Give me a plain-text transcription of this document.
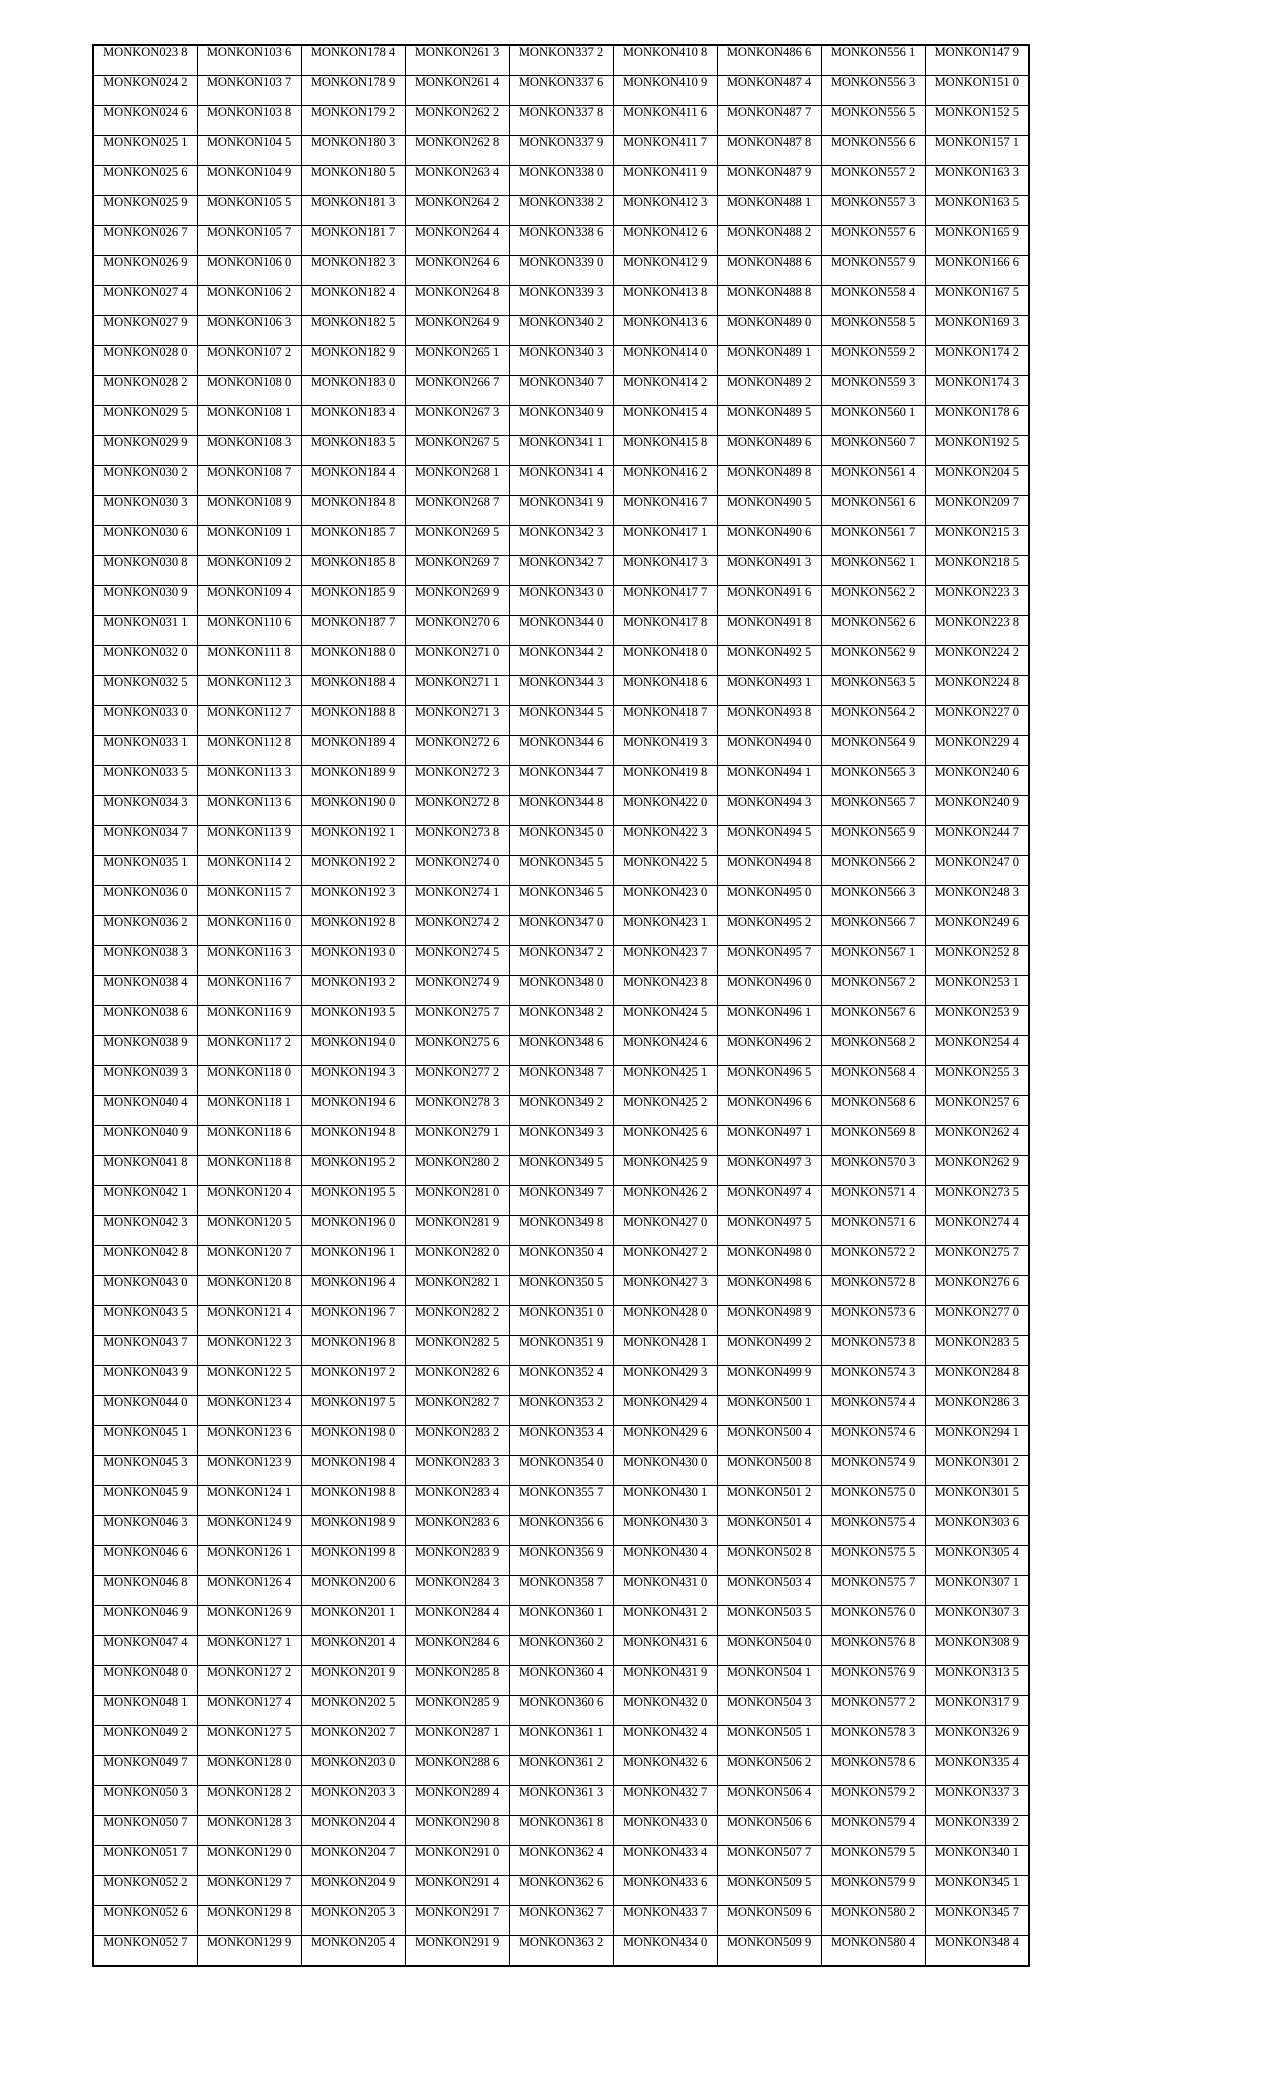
MONKON023 8	MONKON103 6	MONKON178 4	MONKON261 3	MONKON337 2	MONKON410 8	MONKON486 6	MONKON556 1	MONKON147 9

MONKON024 2	MONKON103 7	MONKON178 9	MONKON261 4	MONKON337 6	MONKON410 9	MONKON487 4	MONKON556 3	MONKON151 0

MONKON024 6	MONKON103 8	MONKON179 2	MONKON262 2	MONKON337 8	MONKON411 6	MONKON487 7	MONKON556 5	MONKON152 5

MONKON025 1	MONKON104 5	MONKON180 3	MONKON262 8	MONKON337 9	MONKON411 7	MONKON487 8	MONKON556 6	MONKON157 1

MONKON025 6	MONKON104 9	MONKON180 5	MONKON263 4	MONKON338 0	MONKON411 9	MONKON487 9	MONKON557 2	MONKON163 3

MONKON025 9	MONKON105 5	MONKON181 3	MONKON264 2	MONKON338 2	MONKON412 3	MONKON488 1	MONKON557 3	MONKON163 5

MONKON026 7	MONKON105 7	MONKON181 7	MONKON264 4	MONKON338 6	MONKON412 6	MONKON488 2	MONKON557 6	MONKON165 9

MONKON026 9	MONKON106 0	MONKON182 3	MONKON264 6	MONKON339 0	MONKON412 9	MONKON488 6	MONKON557 9	MONKON166 6

MONKON027 4	MONKON106 2	MONKON182 4	MONKON264 8	MONKON339 3	MONKON413 8	MONKON488 8	MONKON558 4	MONKON167 5

MONKON027 9	MONKON106 3	MONKON182 5	MONKON264 9	MONKON340 2	MONKON413 6	MONKON489 0	MONKON558 5	MONKON169 3

MONKON028 0	MONKON107 2	MONKON182 9	MONKON265 1	MONKON340 3	MONKON414 0	MONKON489 1	MONKON559 2	MONKON174 2

MONKON028 2	MONKON108 0	MONKON183 0	MONKON266 7	MONKON340 7	MONKON414 2	MONKON489 2	MONKON559 3	MONKON174 3

MONKON029 5	MONKON108 1	MONKON183 4	MONKON267 3	MONKON340 9	MONKON415 4	MONKON489 5	MONKON560 1	MONKON178 6

MONKON029 9	MONKON108 3	MONKON183 5	MONKON267 5	MONKON341 1	MONKON415 8	MONKON489 6	MONKON560 7	MONKON192 5

MONKON030 2	MONKON108 7	MONKON184 4	MONKON268 1	MONKON341 4	MONKON416 2	MONKON489 8	MONKON561 4	MONKON204 5

MONKON030 3	MONKON108 9	MONKON184 8	MONKON268 7	MONKON341 9	MONKON416 7	MONKON490 5	MONKON561 6	MONKON209 7

MONKON030 6	MONKON109 1	MONKON185 7	MONKON269 5	MONKON342 3	MONKON417 1	MONKON490 6	MONKON561 7	MONKON215 3

MONKON030 8	MONKON109 2	MONKON185 8	MONKON269 7	MONKON342 7	MONKON417 3	MONKON491 3	MONKON562 1	MONKON218 5

MONKON030 9	MONKON109 4	MONKON185 9	MONKON269 9	MONKON343 0	MONKON417 7	MONKON491 6	MONKON562 2	MONKON223 3

MONKON031 1	MONKON110 6	MONKON187 7	MONKON270 6	MONKON344 0	MONKON417 8	MONKON491 8	MONKON562 6	MONKON223 8

MONKON032 0	MONKON111 8	MONKON188 0	MONKON271 0	MONKON344 2	MONKON418 0	MONKON492 5	MONKON562 9	MONKON224 2

MONKON032 5	MONKON112 3	MONKON188 4	MONKON271 1	MONKON344 3	MONKON418 6	MONKON493 1	MONKON563 5	MONKON224 8

MONKON033 0	MONKON112 7	MONKON188 8	MONKON271 3	MONKON344 5	MONKON418 7	MONKON493 8	MONKON564 2	MONKON227 0

MONKON033 1	MONKON112 8	MONKON189 4	MONKON272 6	MONKON344 6	MONKON419 3	MONKON494 0	MONKON564 9	MONKON229 4

MONKON033 5	MONKON113 3	MONKON189 9	MONKON272 3	MONKON344 7	MONKON419 8	MONKON494 1	MONKON565 3	MONKON240 6

MONKON034 3	MONKON113 6	MONKON190 0	MONKON272 8	MONKON344 8	MONKON422 0	MONKON494 3	MONKON565 7	MONKON240 9

MONKON034 7	MONKON113 9	MONKON192 1	MONKON273 8	MONKON345 0	MONKON422 3	MONKON494 5	MONKON565 9	MONKON244 7

MONKON035 1	MONKON114 2	MONKON192 2	MONKON274 0	MONKON345 5	MONKON422 5	MONKON494 8	MONKON566 2	MONKON247 0

MONKON036 0	MONKON115 7	MONKON192 3	MONKON274 1	MONKON346 5	MONKON423 0	MONKON495 0	MONKON566 3	MONKON248 3

MONKON036 2	MONKON116 0	MONKON192 8	MONKON274 2	MONKON347 0	MONKON423 1	MONKON495 2	MONKON566 7	MONKON249 6

MONKON038 3	MONKON116 3	MONKON193 0	MONKON274 5	MONKON347 2	MONKON423 7	MONKON495 7	MONKON567 1	MONKON252 8

MONKON038 4	MONKON116 7	MONKON193 2	MONKON274 9	MONKON348 0	MONKON423 8	MONKON496 0	MONKON567 2	MONKON253 1

MONKON038 6	MONKON116 9	MONKON193 5	MONKON275 7	MONKON348 2	MONKON424 5	MONKON496 1	MONKON567 6	MONKON253 9

MONKON038 9	MONKON117 2	MONKON194 0	MONKON275 6	MONKON348 6	MONKON424 6	MONKON496 2	MONKON568 2	MONKON254 4

MONKON039 3	MONKON118 0	MONKON194 3	MONKON277 2	MONKON348 7	MONKON425 1	MONKON496 5	MONKON568 4	MONKON255 3

MONKON040 4	MONKON118 1	MONKON194 6	MONKON278 3	MONKON349 2	MONKON425 2	MONKON496 6	MONKON568 6	MONKON257 6

MONKON040 9	MONKON118 6	MONKON194 8	MONKON279 1	MONKON349 3	MONKON425 6	MONKON497 1	MONKON569 8	MONKON262 4

MONKON041 8	MONKON118 8	MONKON195 2	MONKON280 2	MONKON349 5	MONKON425 9	MONKON497 3	MONKON570 3	MONKON262 9

MONKON042 1	MONKON120 4	MONKON195 5	MONKON281 0	MONKON349 7	MONKON426 2	MONKON497 4	MONKON571 4	MONKON273 5

MONKON042 3	MONKON120 5	MONKON196 0	MONKON281 9	MONKON349 8	MONKON427 0	MONKON497 5	MONKON571 6	MONKON274 4

MONKON042 8	MONKON120 7	MONKON196 1	MONKON282 0	MONKON350 4	MONKON427 2	MONKON498 0	MONKON572 2	MONKON275 7

MONKON043 0	MONKON120 8	MONKON196 4	MONKON282 1	MONKON350 5	MONKON427 3	MONKON498 6	MONKON572 8	MONKON276 6

MONKON043 5	MONKON121 4	MONKON196 7	MONKON282 2	MONKON351 0	MONKON428 0	MONKON498 9	MONKON573 6	MONKON277 0

MONKON043 7	MONKON122 3	MONKON196 8	MONKON282 5	MONKON351 9	MONKON428 1	MONKON499 2	MONKON573 8	MONKON283 5

MONKON043 9	MONKON122 5	MONKON197 2	MONKON282 6	MONKON352 4	MONKON429 3	MONKON499 9	MONKON574 3	MONKON284 8

MONKON044 0	MONKON123 4	MONKON197 5	MONKON282 7	MONKON353 2	MONKON429 4	MONKON500 1	MONKON574 4	MONKON286 3

MONKON045 1	MONKON123 6	MONKON198 0	MONKON283 2	MONKON353 4	MONKON429 6	MONKON500 4	MONKON574 6	MONKON294 1

MONKON045 3	MONKON123 9	MONKON198 4	MONKON283 3	MONKON354 0	MONKON430 0	MONKON500 8	MONKON574 9	MONKON301 2

MONKON045 9	MONKON124 1	MONKON198 8	MONKON283 4	MONKON355 7	MONKON430 1	MONKON501 2	MONKON575 0	MONKON301 5

MONKON046 3	MONKON124 9	MONKON198 9	MONKON283 6	MONKON356 6	MONKON430 3	MONKON501 4	MONKON575 4	MONKON303 6

MONKON046 6	MONKON126 1	MONKON199 8	MONKON283 9	MONKON356 9	MONKON430 4	MONKON502 8	MONKON575 5	MONKON305 4

MONKON046 8	MONKON126 4	MONKON200 6	MONKON284 3	MONKON358 7	MONKON431 0	MONKON503 4	MONKON575 7	MONKON307 1

MONKON046 9	MONKON126 9	MONKON201 1	MONKON284 4	MONKON360 1	MONKON431 2	MONKON503 5	MONKON576 0	MONKON307 3

MONKON047 4	MONKON127 1	MONKON201 4	MONKON284 6	MONKON360 2	MONKON431 6	MONKON504 0	MONKON576 8	MONKON308 9

MONKON048 0	MONKON127 2	MONKON201 9	MONKON285 8	MONKON360 4	MONKON431 9	MONKON504 1	MONKON576 9	MONKON313 5

MONKON048 1	MONKON127 4	MONKON202 5	MONKON285 9	MONKON360 6	MONKON432 0	MONKON504 3	MONKON577 2	MONKON317 9

MONKON049 2	MONKON127 5	MONKON202 7	MONKON287 1	MONKON361 1	MONKON432 4	MONKON505 1	MONKON578 3	MONKON326 9

MONKON049 7	MONKON128 0	MONKON203 0	MONKON288 6	MONKON361 2	MONKON432 6	MONKON506 2	MONKON578 6	MONKON335 4

MONKON050 3	MONKON128 2	MONKON203 3	MONKON289 4	MONKON361 3	MONKON432 7	MONKON506 4	MONKON579 2	MONKON337 3

MONKON050 7	MONKON128 3	MONKON204 4	MONKON290 8	MONKON361 8	MONKON433 0	MONKON506 6	MONKON579 4	MONKON339 2

MONKON051 7	MONKON129 0	MONKON204 7	MONKON291 0	MONKON362 4	MONKON433 4	MONKON507 7	MONKON579 5	MONKON340 1

MONKON052 2	MONKON129 7	MONKON204 9	MONKON291 4	MONKON362 6	MONKON433 6	MONKON509 5	MONKON579 9	MONKON345 1

MONKON052 6	MONKON129 8	MONKON205 3	MONKON291 7	MONKON362 7	MONKON433 7	MONKON509 6	MONKON580 2	MONKON345 7

MONKON052 7	MONKON129 9	MONKON205 4	MONKON291 9	MONKON363 2	MONKON434 0	MONKON509 9	MONKON580 4	MONKON348 4
